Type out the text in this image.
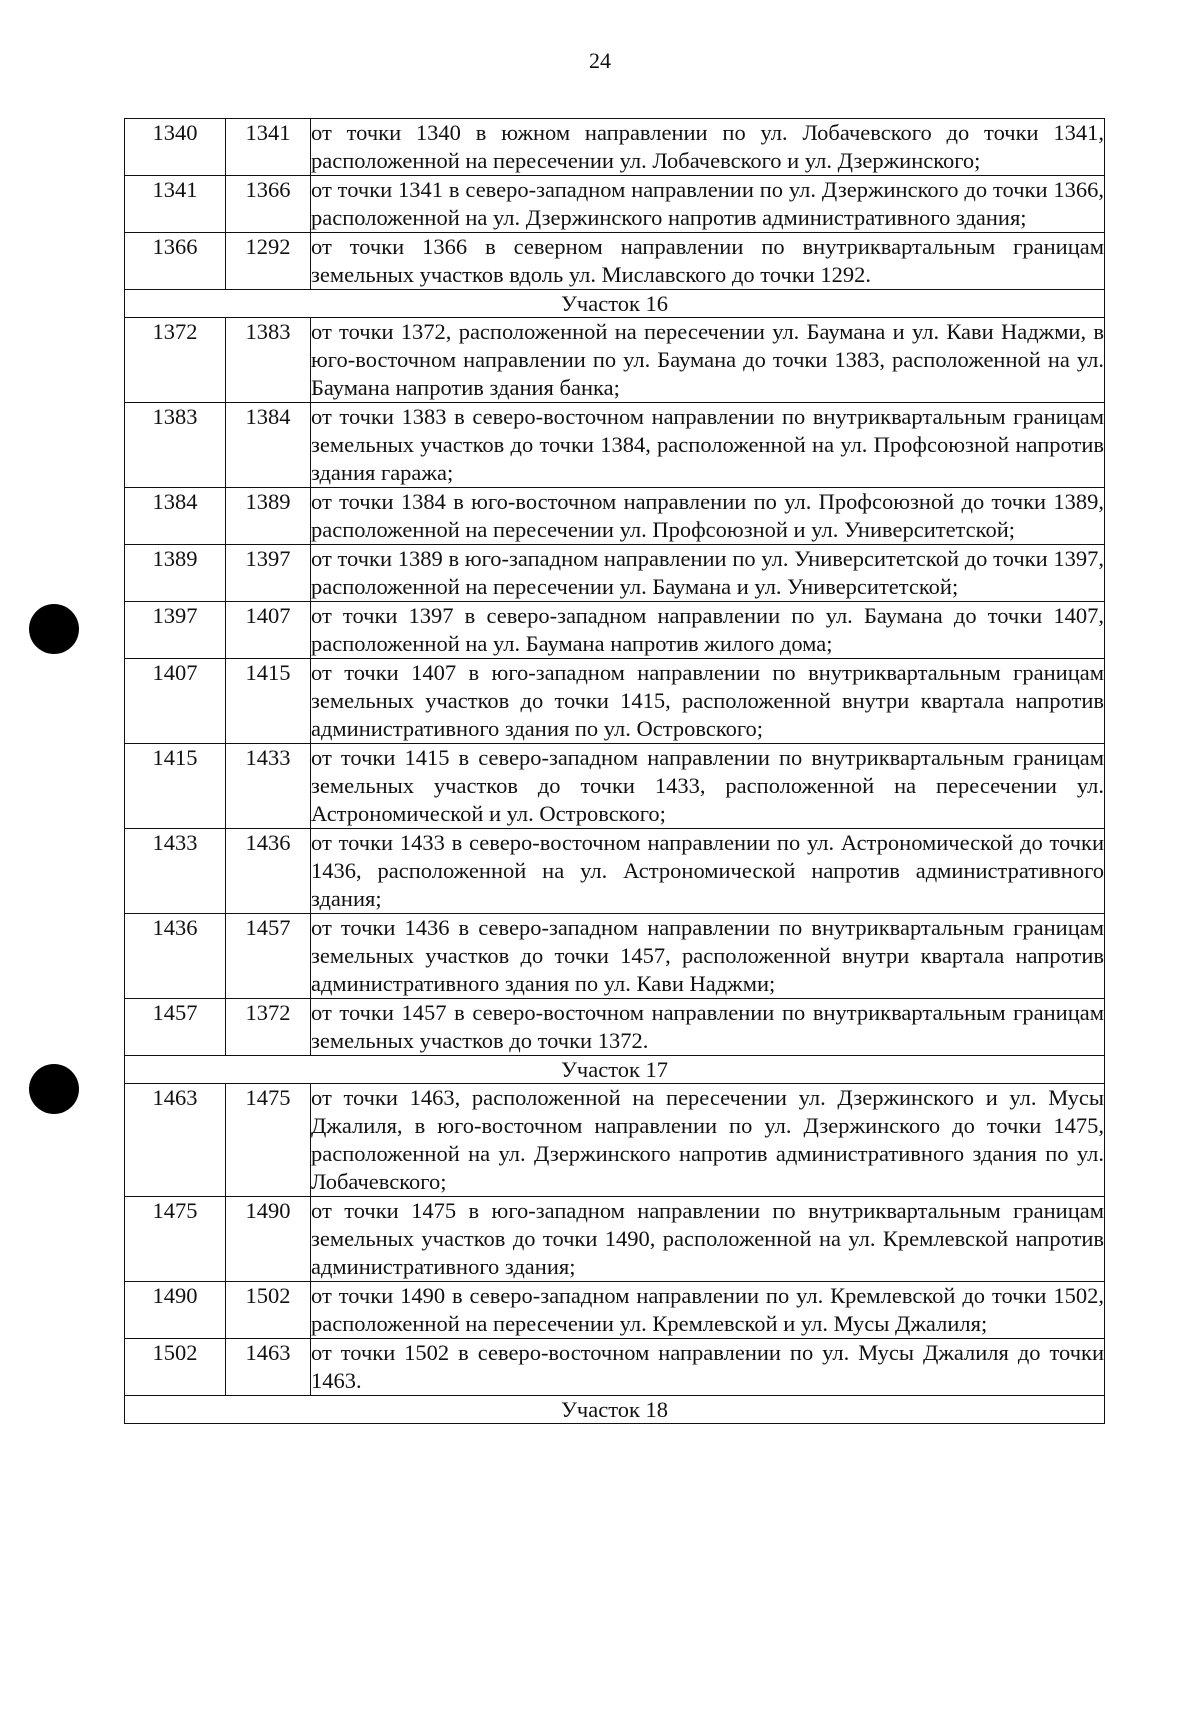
24
1340	1341	от точки 1340 в южном направлении по ул. Лобачевского до точки 1341, расположенной на пересечении ул. Лобачевского и ул. Дзержинского;
1341	1366	от точки 1341 в северо-западном направлении по ул. Дзержинского до точки 1366, расположенной на ул. Дзержинского напротив административного здания;
1366	1292	от точки 1366 в северном направлении по внутриквартальным границам земельных участков вдоль ул. Миславского до точки 1292.
Участок 16		
1372	1383	от точки 1372, расположенной на пересечении ул. Баумана и ул. Кави Наджми, в юго-восточном направлении по ул. Баумана до точки 1383, расположенной на ул. Баумана напротив здания банка;
1383	1384	от точки 1383 в северо-восточном направлении по внутриквартальным границам земельных участков до точки 1384, расположенной на ул. Профсоюзной напротив здания гаража;
1384	1389	от точки 1384 в юго-восточном направлении по ул. Профсоюзной до точки 1389, расположенной на пересечении ул. Профсоюзной и ул. Университетской;
1389	1397	от точки 1389 в юго-западном направлении по ул. Университетской до точки 1397, расположенной на пересечении ул. Баумана и ул. Университетской;
1397	1407	от точки 1397 в северо-западном направлении по ул. Баумана до точки 1407, расположенной на ул. Баумана напротив жилого дома;
1407	1415	от точки 1407 в юго-западном направлении по внутриквартальным границам земельных участков до точки 1415, расположенной внутри квартала напротив административного здания по ул. Островского;
1415	1433	от точки 1415 в северо-западном направлении по внутриквартальным границам земельных участков до точки 1433, расположенной на пересечении ул. Астрономической и ул. Островского;
1433	1436	от точки 1433 в северо-восточном направлении по ул. Астрономической до точки 1436, расположенной на ул. Астрономической напротив административного здания;
1436	1457	от точки 1436 в северо-западном направлении по внутриквартальным границам земельных участков до точки 1457, расположенной внутри квартала напротив административного здания по ул. Кави Наджми;
1457	1372	от точки 1457 в северо-восточном направлении по внутриквартальным границам земельных участков до точки 1372.
Участок 17		
1463	1475	от точки 1463, расположенной на пересечении ул. Дзержинского и ул. Мусы Джалиля, в юго-восточном направлении по ул. Дзержинского до точки 1475, расположенной на ул. Дзержинского напротив административного здания по ул. Лобачевского;
1475	1490	от точки 1475 в юго-западном направлении по внутриквартальным границам земельных участков до точки 1490, расположенной на ул. Кремлевской напротив административного здания;
1490	1502	от точки 1490 в северо-западном направлении по ул. Кремлевской до точки 1502, расположенной на пересечении ул. Кремлевской и ул. Мусы Джалиля;
1502	1463	от точки 1502 в северо-восточном направлении по ул. Мусы Джалиля до точки 1463.
Участок 18		
